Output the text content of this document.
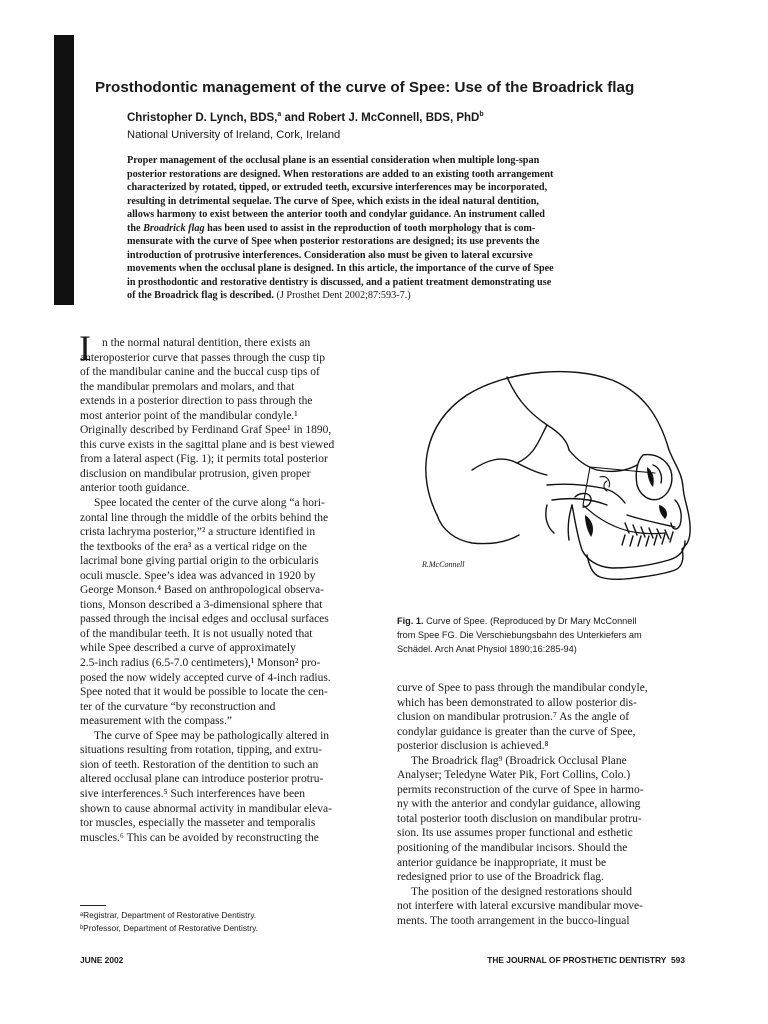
Prosthodontic management of the curve of Spee: Use of the Broadrick flag
Christopher D. Lynch, BDS,$^a$ and Robert J. McConnell, BDS, PhD$^b$
National University of Ireland, Cork, Ireland
Proper management of the occlusal plane is an essential consideration when multiple long-span
posterior restorations are designed. When restorations are added to an existing tooth arrangement
characterized by rotated, tipped, or extruded teeth, excursive interferences may be incorporated,
resulting in detrimental sequelae. The curve of Spee, which exists in the ideal natural dentition,
allows harmony to exist between the anterior tooth and condylar guidance. An instrument called
the Broadrick flag has been used to assist in the reproduction of tooth morphology that is com-
mensurate with the curve of Spee when posterior restorations are designed; its use prevents the
introduction of protrusive interferences. Consideration also must be given to lateral excursive
movements when the occlusal plane is designed. In this article, the importance of the curve of Spee
in prosthodontic and restorative dentistry is discussed, and a patient treatment demonstrating use
of the Broadrick flag is described. (J Prosthet Dent 2002;87:593-7.)
I n the normal natural dentition, there exists an
anteroposterior curve that passes through the cusp tip
of the mandibular canine and the buccal cusp tips of
the mandibular premolars and molars, and that
extends in a posterior direction to pass through the
most anterior point of the mandibular condyle.¹
Originally described by Ferdinand Graf Spee¹ in 1890,
this curve exists in the sagittal plane and is best viewed
from a lateral aspect (Fig. 1); it permits total posterior
disclusion on mandibular protrusion, given proper
anterior tooth guidance.
Spee located the center of the curve along “a hori-
zontal line through the middle of the orbits behind the
crista lachryma posterior,”² a structure identified in
the textbooks of the era³ as a vertical ridge on the
lacrimal bone giving partial origin to the orbicularis
oculi muscle. Spee’s idea was advanced in 1920 by
George Monson.⁴ Based on anthropological observa-
tions, Monson described a 3-dimensional sphere that
passed through the incisal edges and occlusal surfaces
of the mandibular teeth. It is not usually noted that
while Spee described a curve of approximately
2.5-inch radius (6.5-7.0 centimeters),¹ Monson² pro-
posed the now widely accepted curve of 4-inch radius.
Spee noted that it would be possible to locate the cen-
ter of the curvature “by reconstruction and
measurement with the compass.”
The curve of Spee may be pathologically altered in
situations resulting from rotation, tipping, and extru-
sion of teeth. Restoration of the dentition to such an
altered occlusal plane can introduce posterior protru-
sive interferences.⁵ Such interferences have been
shown to cause abnormal activity in mandibular eleva-
tor muscles, especially the masseter and temporalis
muscles.⁶ This can be avoided by reconstructing the
R.McConnell
Fig. 1. Curve of Spee. (Reproduced by Dr Mary McConnell
from Spee FG. Die Verschiebungsbahn des Unterkiefers am
Schädel. Arch Anat Physiol 1890;16:285-94)
curve of Spee to pass through the mandibular condyle,
which has been demonstrated to allow posterior dis-
clusion on mandibular protrusion.⁷ As the angle of
condylar guidance is greater than the curve of Spee,
posterior disclusion is achieved.⁸
The Broadrick flag⁹ (Broadrick Occlusal Plane
Analyser; Teledyne Water Pik, Fort Collins, Colo.)
permits reconstruction of the curve of Spee in harmo-
ny with the anterior and condylar guidance, allowing
total posterior tooth disclusion on mandibular protru-
sion. Its use assumes proper functional and esthetic
positioning of the mandibular incisors. Should the
anterior guidance be inappropriate, it must be
redesigned prior to use of the Broadrick flag.
The position of the designed restorations should
not interfere with lateral excursive mandibular move-
ments. The tooth arrangement in the bucco-lingual
ᵃRegistrar, Department of Restorative Dentistry.
ᵇProfessor, Department of Restorative Dentistry.
JUNE 2002	THE JOURNAL OF PROSTHETIC DENTISTRY 593
